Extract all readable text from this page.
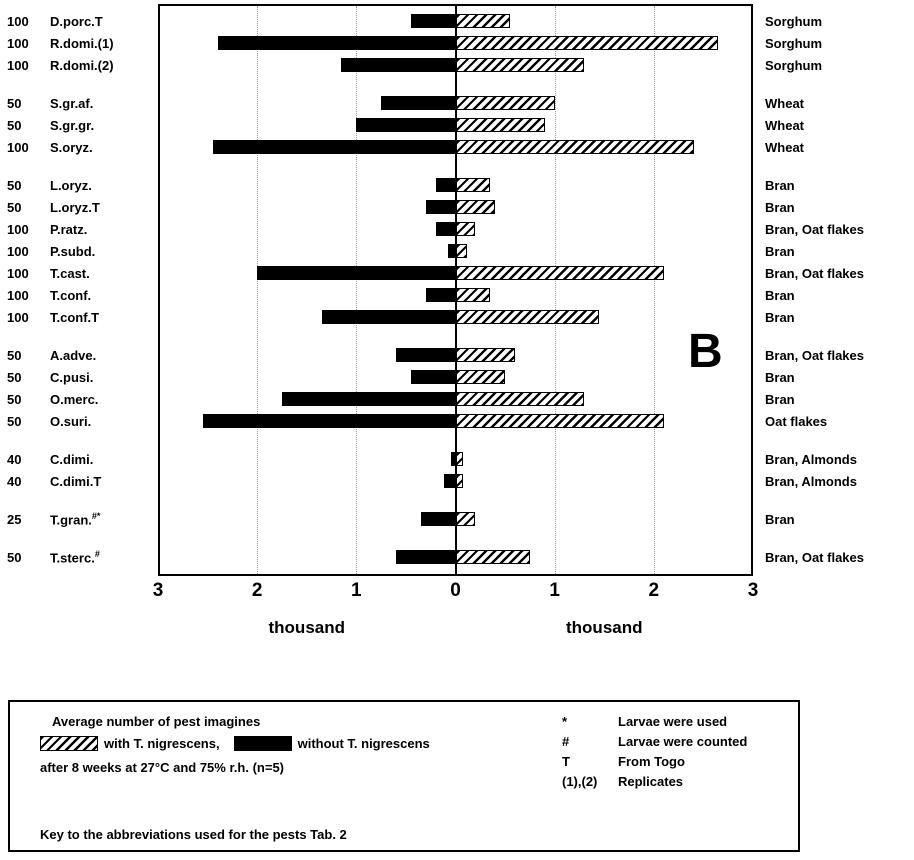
100	D.porc.T	Sorghum
100	R.domi.(1)	Sorghum
100	R.domi.(2)	Sorghum
50	S.gr.af.	Wheat
50	S.gr.gr.	Wheat
100	S.oryz.	Wheat
50	L.oryz.	Bran
50	L.oryz.T	Bran
100	P.ratz.	Bran, Oat flakes
100	P.subd.	Bran
100	T.cast.	Bran, Oat flakes
100	T.conf.	Bran
100	T.conf.T	Bran
50	A.adve.	Bran, Oat flakes
50	C.pusi.	Bran
50	O.merc.	Bran
50	O.suri.	Oat flakes
40	C.dimi.	Bran, Almonds
40	C.dimi.T	Bran, Almonds
25	T.gran.#*	Bran
50	T.sterc.#	Bran, Oat flakes
B
3	2	1	0	1	2	3
thousand	thousand
Average number of pest imagines
with T. nigrescens,	without T. nigrescens
after 8 weeks at 27°C and 75% r.h. (n=5)
*	Larvae were used
#	Larvae were counted
T	From Togo
(1),(2)	Replicates
Key to the abbreviations used for the pests Tab. 2
